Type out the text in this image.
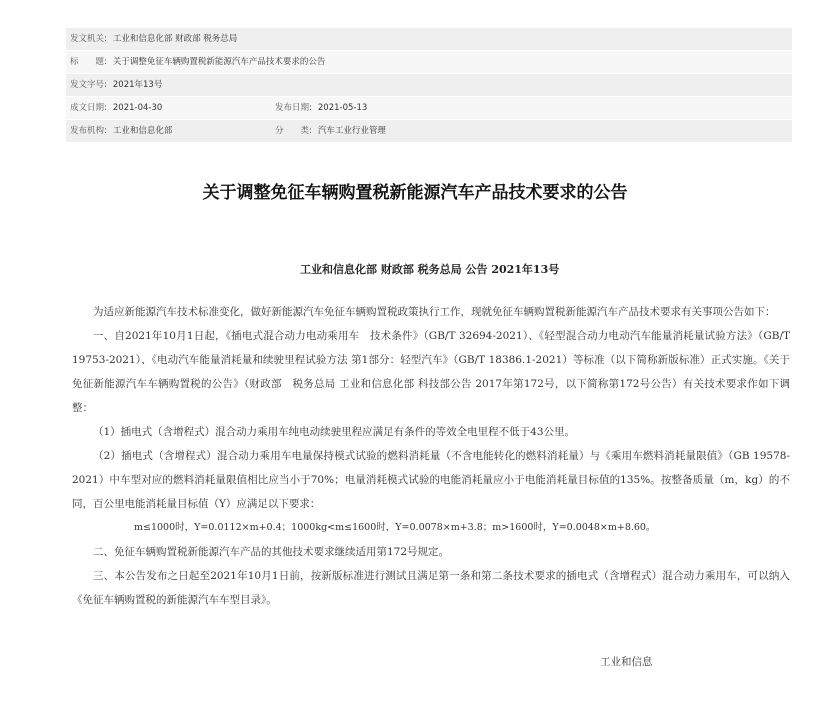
发文机关: 工业和信息化部 财政部 税务总局
标　　题: 关于调整免征车辆购置税新能源汽车产品技术要求的公告
发文字号: 2021年13号
成文日期: 2021-04-30	发布日期: 2021-05-13
发布机构: 工业和信息化部	分　　类: 汽车工业行业管理
关于调整免征车辆购置税新能源汽车产品技术要求的公告
工业和信息化部 财政部 税务总局 公告 2021年13号

为适应新能源汽车技术标准变化，做好新能源汽车免征车辆购置税政策执行工作，现就免征车辆购置税新能源汽车产品技术要求有关事项公告如下：

一、自2021年10月1日起，《插电式混合动力电动乘用车　技术条件》（GB/T 32694-2021）、《轻型混合动力电动汽车能量消耗量试验方法》（GB/T 19753-2021）、《电动汽车能量消耗量和续驶里程试验方法 第1部分：轻型汽车》（GB/T 18386.1-2021）等标准（以下简称新版标准）正式实施。《关于免征新能源汽车车辆购置税的公告》（财政部　税务总局 工业和信息化部 科技部公告 2017年第172号，以下简称第172号公告）有关技术要求作如下调整：

（1）插电式（含增程式）混合动力乘用车纯电动续驶里程应满足有条件的等效全电里程不低于43公里。

（2）插电式（含增程式）混合动力乘用车电量保持模式试验的燃料消耗量（不含电能转化的燃料消耗量）与《乘用车燃料消耗量限值》（GB 19578-2021）中车型对应的燃料消耗量限值相比应当小于70%；电量消耗模式试验的电能消耗量应小于电能消耗量目标值的135%。按整备质量（m，kg）的不同，百公里电能消耗量目标值（Y）应满足以下要求：

m≤1000时，Y=0.0112×m+0.4；1000kg<m≤1600时，Y=0.0078×m+3.8；m>1600时，Y=0.0048×m+8.60。

二、免征车辆购置税新能源汽车产品的其他技术要求继续适用第172号规定。

三、本公告发布之日起至2021年10月1日前，按新版标准进行测试且满足第一条和第二条技术要求的插电式（含增程式）混合动力乘用车，可以纳入《免征车辆购置税的新能源汽车车型目录》。

工业和信息
